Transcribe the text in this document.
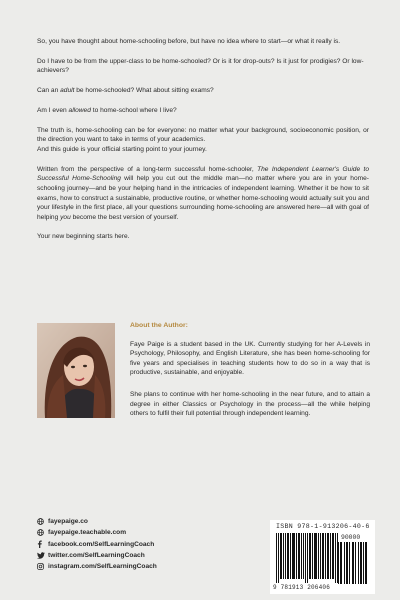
So, you have thought about home-schooling before, but have no idea where to start—or what it really is.

Do I have to be from the upper-class to be home-schooled? Or is it for drop-outs? Is it just for prodigies? Or low-achievers?

Can an adult be home-schooled? What about sitting exams?

Am I even allowed to home-school where I live?

The truth is, home-schooling can be for everyone: no matter what your background, socioeconomic position, or the direction you want to take in terms of your academics.

And this guide is your official starting point to your journey.

Written from the perspective of a long-term successful home-schooler, The Independent Learner's Guide to Successful Home-Schooling will help you cut out the middle man—no matter where you are in your home-schooling journey—and be your helping hand in the intricacies of independent learning. Whether it be how to sit exams, how to construct a sustainable, productive routine, or whether home-schooling would actually suit you and your lifestyle in the first place, all your questions surrounding home-schooling are answered here—all with goal of helping you become the best version of yourself.

Your new beginning starts here.

About the Author:

Faye Paige is a student based in the UK. Currently studying for her A-Levels in Psychology, Philosophy, and English Literature, she has been home-schooling for five years and specialises in teaching students how to do so in a way that is productive, sustainable, and enjoyable.

She plans to continue with her home-schooling in the near future, and to attain a degree in either Classics or Psychology in the process—all the while helping others to fulfil their full potential through independent learning.

fayepaige.co
fayepaige.teachable.com
facebook.com/SelfLearningCoach
twitter.com/SelfLearningCoach
instagram.com/SelfLearningCoach
ISBN 978-1-913206-40-6
90000
9 781913 206406
